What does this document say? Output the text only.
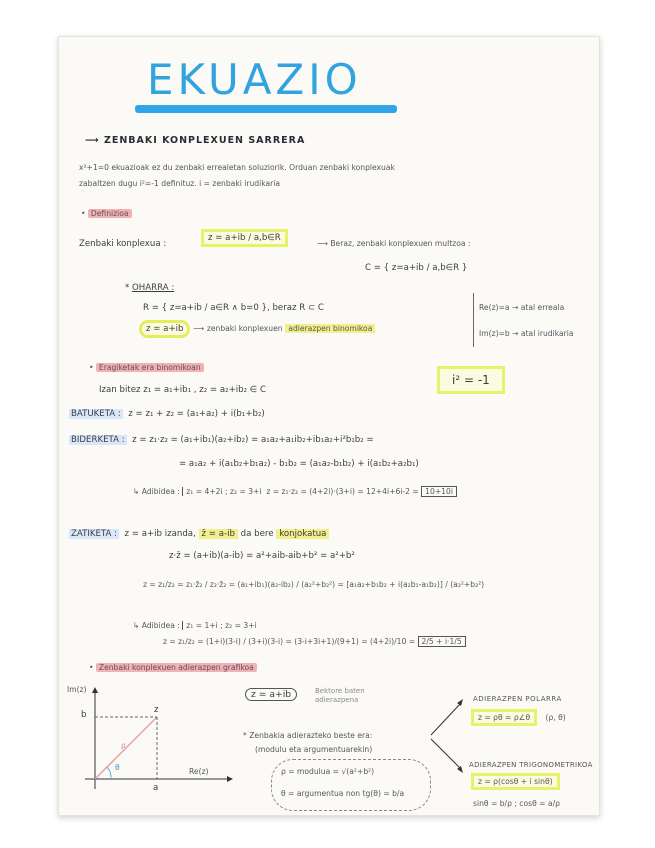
EKUAZIO
⟶ ZENBAKI KONPLEXUEN SARRERA
x²+1=0 ekuazioak ez du zenbaki errealetan soluziorik. Orduan zenbaki konplexuak
zabaltzen dugu i²=-1 definituz. i = zenbaki irudikaria
• Definizioa
Zenbaki konplexua :
z = a+ib / a,b∈R
⟶ Beraz, zenbaki konplexuen multzoa :
C = { z=a+ib / a,b∈R }
* OHARRA :
R = { z=a+ib / a∈R ∧ b=0 }, beraz R ⊂ C
z = a+ib ⟶ zenbaki konplexuen adierazpen binomikoa
Re(z)=a → atal erreala
Im(z)=b → atal irudikaria
• Eragiketak era binomikoan
Izan bitez z₁ = a₁+ib₁ , z₂ = a₂+ib₂ ∈ C
i² = -1
BATUKETA : z = z₁ + z₂ = (a₁+a₂) + i(b₁+b₂)
BIDERKETA : z = z₁·z₂ = (a₁+ib₁)(a₂+ib₂) = a₁a₂+a₁ib₂+ib₁a₂+i²b₁b₂ =
= a₁a₂ + i(a₁b₂+b₁a₂) - b₁b₂ = (a₁a₂-b₁b₂) + i(a₁b₂+a₂b₁)
↳ Adibidea : z₁ = 4+2i ; z₂ = 3+i z = z₁·z₂ = (4+2i)·(3+i) = 12+4i+6i-2 = 10+10i
ZATIKETA : z = a+ib izanda, z̄ = a-ib da bere konjokatua
z·z̄ = (a+ib)(a-ib) = a²+aib-aib+b² = a²+b²
z = z₁/z₂ = z₁·z̄₂ / z₂·z̄₂ = (a₁+ib₁)(a₂-ib₂) / (a₂²+b₂²) = [a₁a₂+b₁b₂ + i(a₂b₁-a₁b₂)] / (a₂²+b₂²)
↳ Adibidea : z₁ = 1+i ; z₂ = 3+i
z = z₁/z₂ = (1+i)(3-i) / (3+i)(3-i) = (3-i+3i+1)/(9+1) = (4+2i)/10 = 2/5 + i·1/5
• Zenbaki konplexuen adierazpen grafikoa
Im(z)
Re(z)
b
a
z
θ
ρ
z = a+ib	Bektore baten adierazpena
* Zenbakia adierazteko beste era:
(modulu eta argumentuarekin)
ρ = modulua = √(a²+b²)
θ = argumentua non tg(θ) = b/a
ADIERAZPEN POLARRA
z = ρθ = ρ∠θ (ρ, θ)
ADIERAZPEN TRIGONOMETRIKOA
z = ρ(cosθ + i sinθ)
sinθ = b/ρ ; cosθ = a/ρ
